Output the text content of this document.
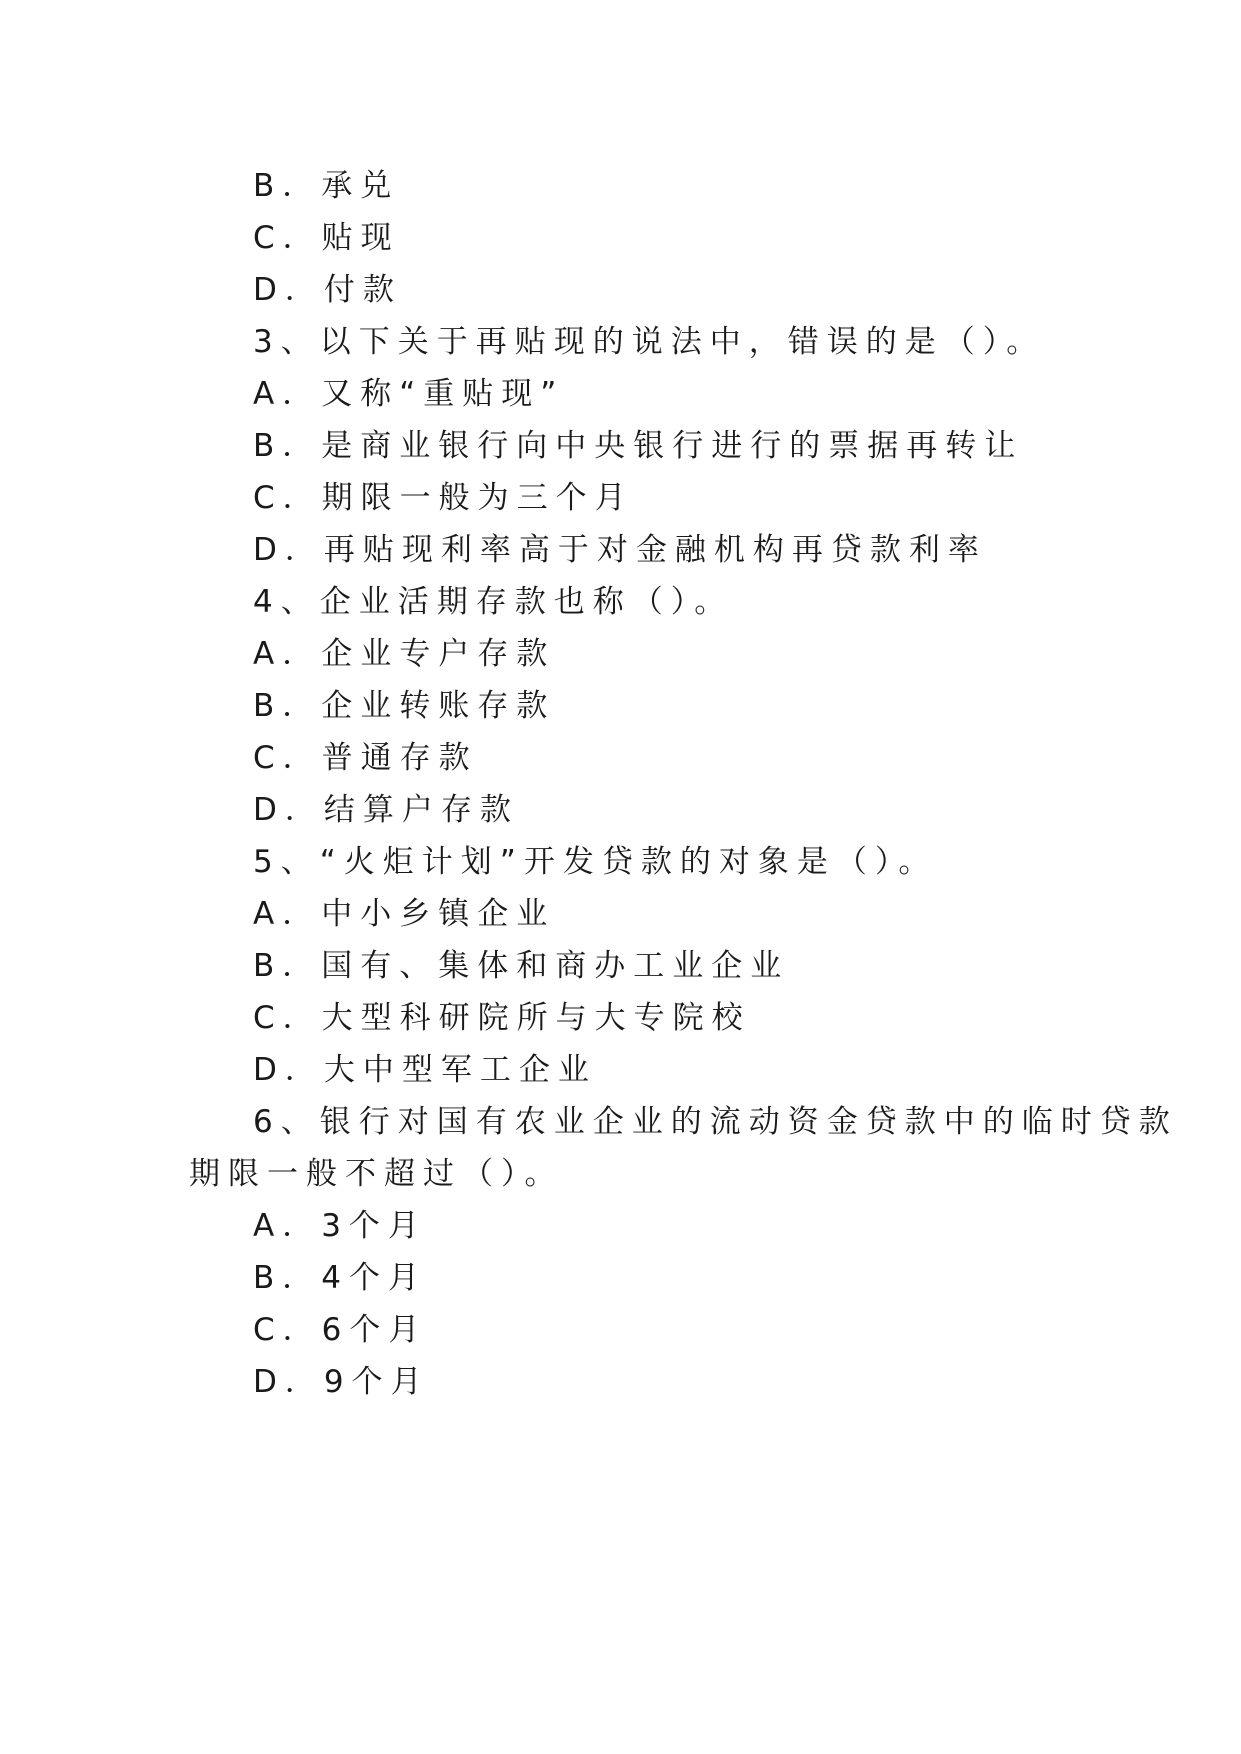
B．承兑
C．贴现
D．付款
3、以下关于再贴现的说法中，错误的是（）。
A．又称“重贴现”
B．是商业银行向中央银行进行的票据再转让
C．期限一般为三个月
D．再贴现利率高于对金融机构再贷款利率
4、企业活期存款也称（）。
A．企业专户存款
B．企业转账存款
C．普通存款
D．结算户存款
5、“火炬计划”开发贷款的对象是（）。
A．中小乡镇企业
B．国有、集体和商办工业企业
C．大型科研院所与大专院校
D．大中型军工企业
6、银行对国有农业企业的流动资金贷款中的临时贷款
期限一般不超过（）。
A．3个月
B．4个月
C．6个月
D．9个月
